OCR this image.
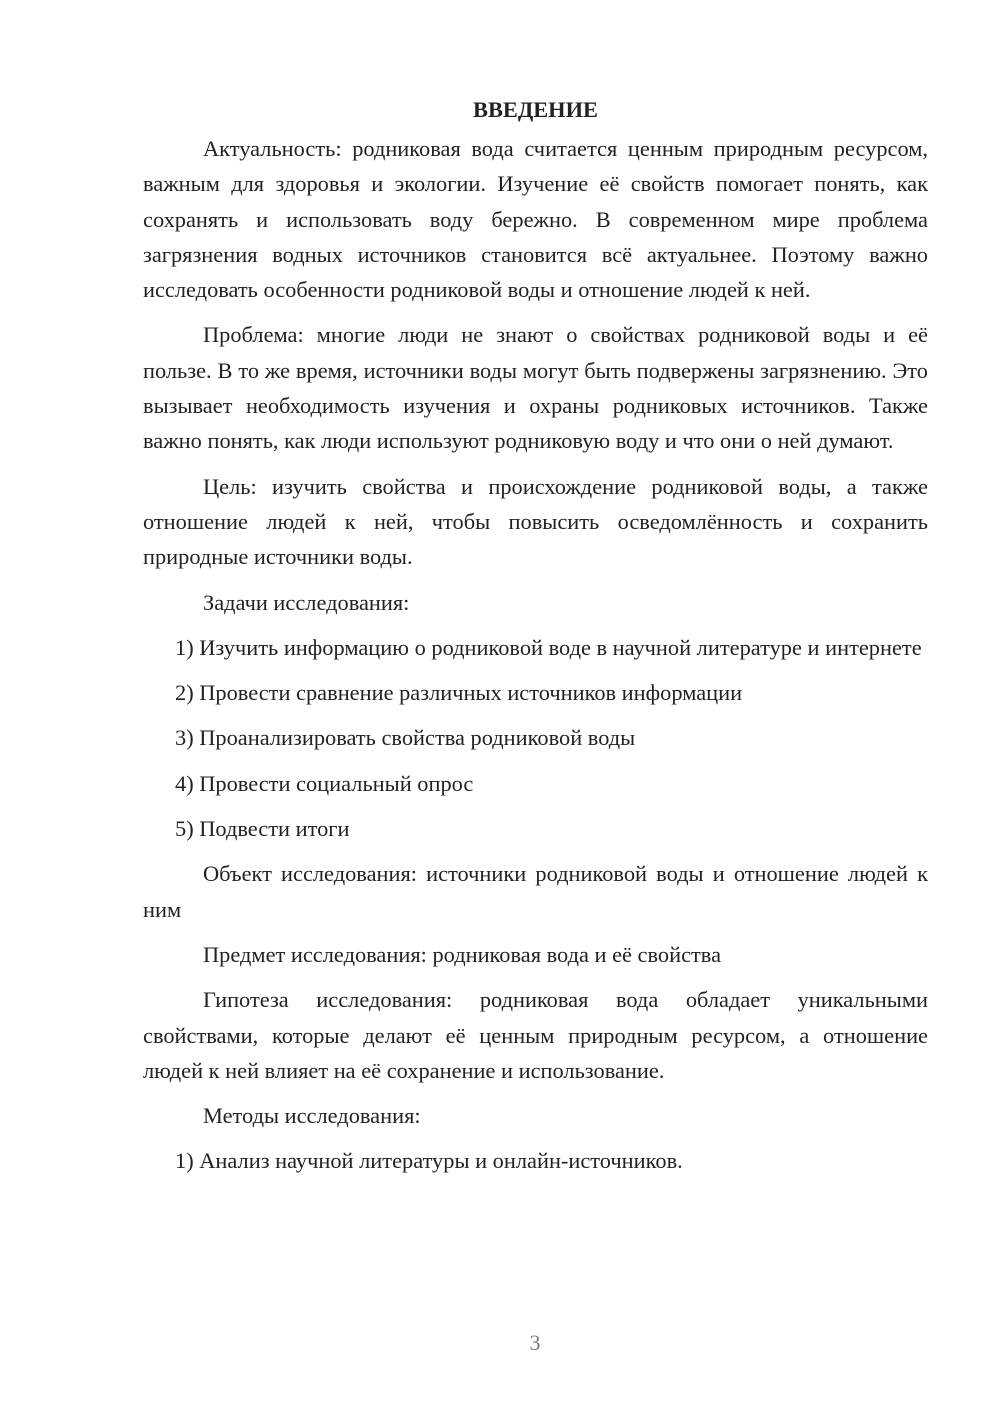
ВВЕДЕНИЕ

Актуальность: родниковая вода считается ценным природным ресурсом, важным для здоровья и экологии. Изучение её свойств помогает понять, как сохранять и использовать воду бережно. В современном мире проблема загрязнения водных источников становится всё актуальнее. Поэтому важно исследовать особенности родниковой воды и отношение людей к ней.

Проблема: многие люди не знают о свойствах родниковой воды и её пользе. В то же время, источники воды могут быть подвержены загрязнению. Это вызывает необходимость изучения и охраны родниковых источников. Также важно понять, как люди используют родниковую воду и что они о ней думают.

Цель: изучить свойства и происхождение родниковой воды, а также отношение людей к ней, чтобы повысить осведомлённость и сохранить природные источники воды.

Задачи исследования:

1) Изучить информацию о родниковой воде в научной литературе и интернете

2) Провести сравнение различных источников информации

3) Проанализировать свойства родниковой воды

4) Провести социальный опрос

5) Подвести итоги

Объект исследования: источники родниковой воды и отношение людей к ним

Предмет исследования: родниковая вода и её свойства

Гипотеза исследования: родниковая вода обладает уникальными свойствами, которые делают её ценным природным ресурсом, а отношение людей к ней влияет на её сохранение и использование.

Методы исследования:

1) Анализ научной литературы и онлайн-источников.

3
